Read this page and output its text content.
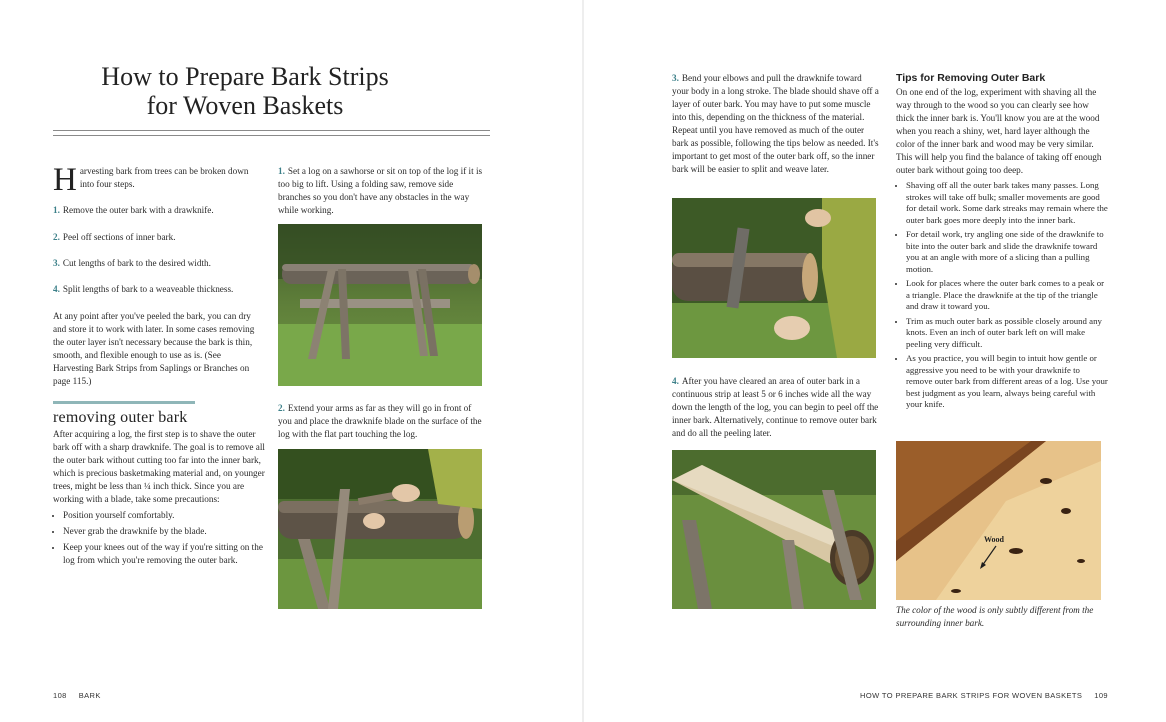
How to Prepare Bark Strips
for Woven Baskets
Harvesting bark from trees can be broken down into four steps.
1. Remove the outer bark with a drawknife.
2. Peel off sections of inner bark.
3. Cut lengths of bark to the desired width.
4. Split lengths of bark to a weaveable thickness.
At any point after you've peeled the bark, you can dry and store it to work with later. In some cases removing the outer layer isn't necessary because the bark is thin, smooth, and flexible enough to use as is. (See Harvesting Bark Strips from Saplings or Branches on page 115.)
removing outer bark

After acquiring a log, the first step is to shave the outer bark off with a sharp drawknife. The goal is to remove all the outer bark without cutting too far into the inner bark, which is precious basketmaking material and, on younger trees, might be less than ¼ inch thick. Since you are working with a blade, take some precautions:

• Position yourself comfortably.
• Never grab the drawknife by the blade.
• Keep your knees out of the way if you're sitting on the log from which you're removing the outer bark.
1. Set a log on a sawhorse or sit on top of the log if it is too big to lift. Using a folding saw, remove side branches so you don't have any obstacles in the way while working.
2. Extend your arms as far as they will go in front of you and place the drawknife blade on the surface of the log with the flat part touching the log.
3. Bend your elbows and pull the drawknife toward your body in a long stroke. The blade should shave off a layer of outer bark. You may have to put some muscle into this, depending on the thickness of the material. Repeat until you have removed as much of the outer bark as possible, following the tips below as needed. It's important to get most of the outer bark off, so the inner bark will be easier to split and weave later.
4. After you have cleared an area of outer bark in a continuous strip at least 5 or 6 inches wide all the way down the length of the log, you can begin to peel off the inner bark. Alternatively, continue to remove outer bark and do all the peeling later.
Tips for Removing Outer Bark

On one end of the log, experiment with shaving all the way through to the wood so you can clearly see how thick the inner bark is. You'll know you are at the wood when you reach a shiny, wet, hard layer although the color of the inner bark and wood may be very similar. This will help you find the balance of taking off enough outer bark without going too deep.

• Shaving off all the outer bark takes many passes. Long strokes will take off bulk; smaller movements are good for detail work. Some dark streaks may remain where the outer bark goes more deeply into the inner bark.
• For detail work, try angling one side of the drawknife to bite into the outer bark and slide the drawknife toward you at an angle with more of a slicing than a pulling motion.
• Look for places where the outer bark comes to a peak or a triangle. Place the drawknife at the tip of the triangle and draw it toward you.
• Trim as much outer bark as possible closely around any knots. Even an inch of outer bark left on will make peeling very difficult.
• As you practice, you will begin to intuit how gentle or aggressive you need to be with your drawknife to remove outer bark from different areas of a log. Use your best judgment as you learn, always being careful with your knife.
Wood
The color of the wood is only subtly different from the surrounding inner bark.
108 BARK	HOW TO PREPARE BARK STRIPS FOR WOVEN BASKETS 109
